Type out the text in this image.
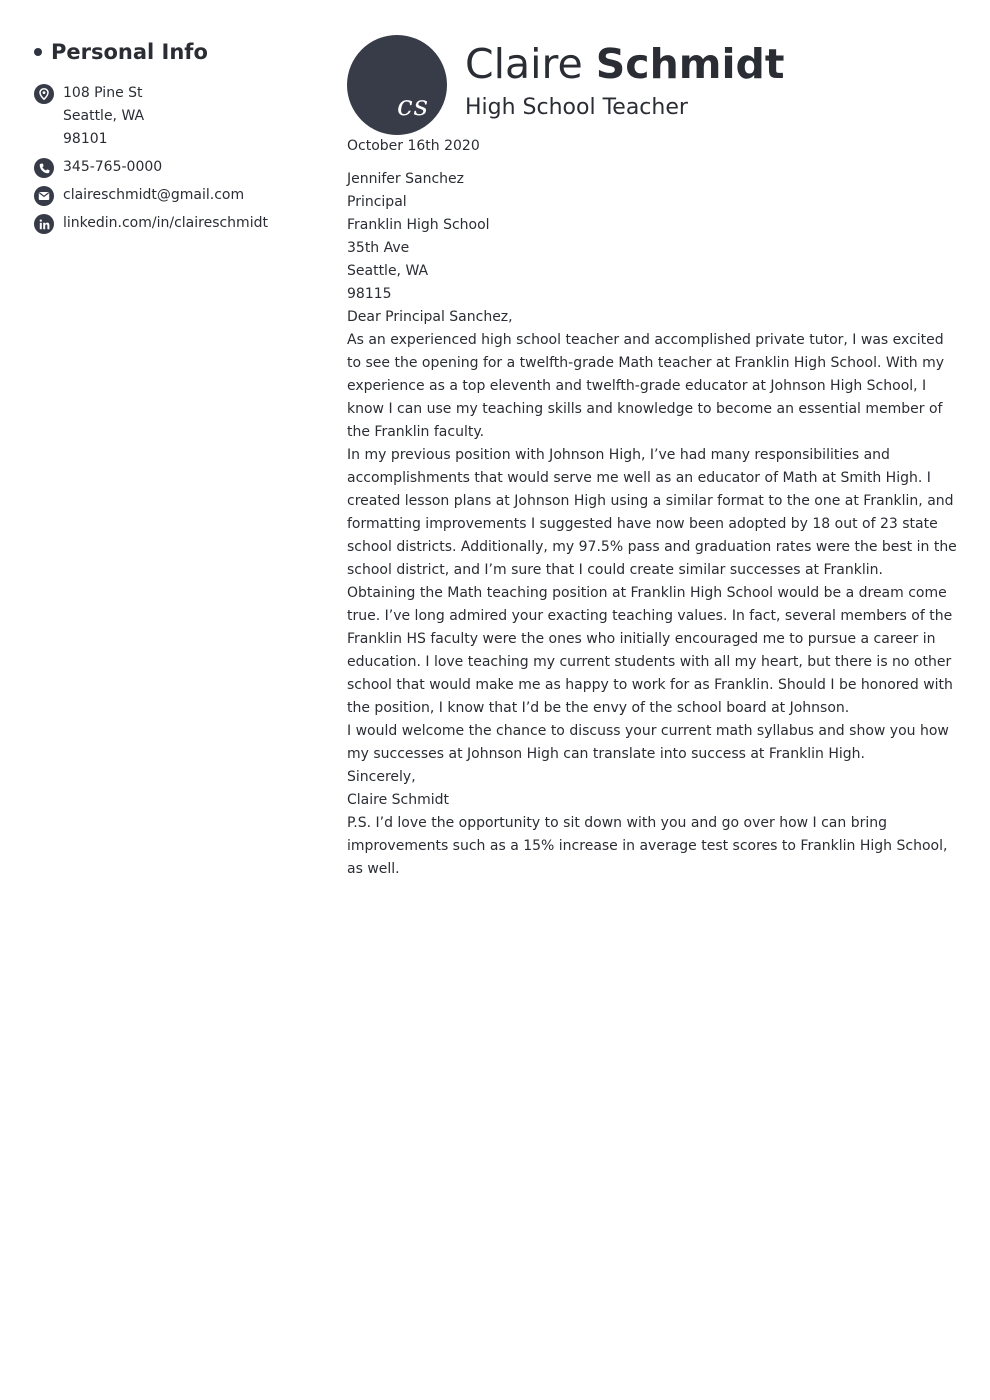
Personal Info
108 Pine St
Seattle, WA
98101
345-765-0000
claireschmidt@gmail.com
linkedin.com/in/claireschmidt
cs
Claire Schmidt
High School Teacher

October 16th 2020

Jennifer Sanchez
Principal
Franklin High School
35th Ave
Seattle, WA
98115

Dear Principal Sanchez,

As an experienced high school teacher and accomplished private tutor, I was excited to see the opening for a twelfth-grade Math teacher at Franklin High School. With my experience as a top eleventh and twelfth-grade educator at Johnson High School, I know I can use my teaching skills and knowledge to become an essential member of the Franklin faculty.

In my previous position with Johnson High, I’ve had many responsibilities and accomplishments that would serve me well as an educator of Math at Smith High. I created lesson plans at Johnson High using a similar format to the one at Franklin, and formatting improvements I suggested have now been adopted by 18 out of 23 state school districts. Additionally, my 97.5% pass and graduation rates were the best in the school district, and I’m sure that I could create similar successes at Franklin.

Obtaining the Math teaching position at Franklin High School would be a dream come true. I’ve long admired your exacting teaching values. In fact, several members of the Franklin HS faculty were the ones who initially encouraged me to pursue a career in education. I love teaching my current students with all my heart, but there is no other school that would make me as happy to work for as Franklin. Should I be honored with the position, I know that I’d be the envy of the school board at Johnson.

I would welcome the chance to discuss your current math syllabus and show you how my successes at Johnson High can translate into success at Franklin High.

Sincerely,

Claire Schmidt

P.S. I’d love the opportunity to sit down with you and go over how I can bring improvements such as a 15% increase in average test scores to Franklin High School, as well.
